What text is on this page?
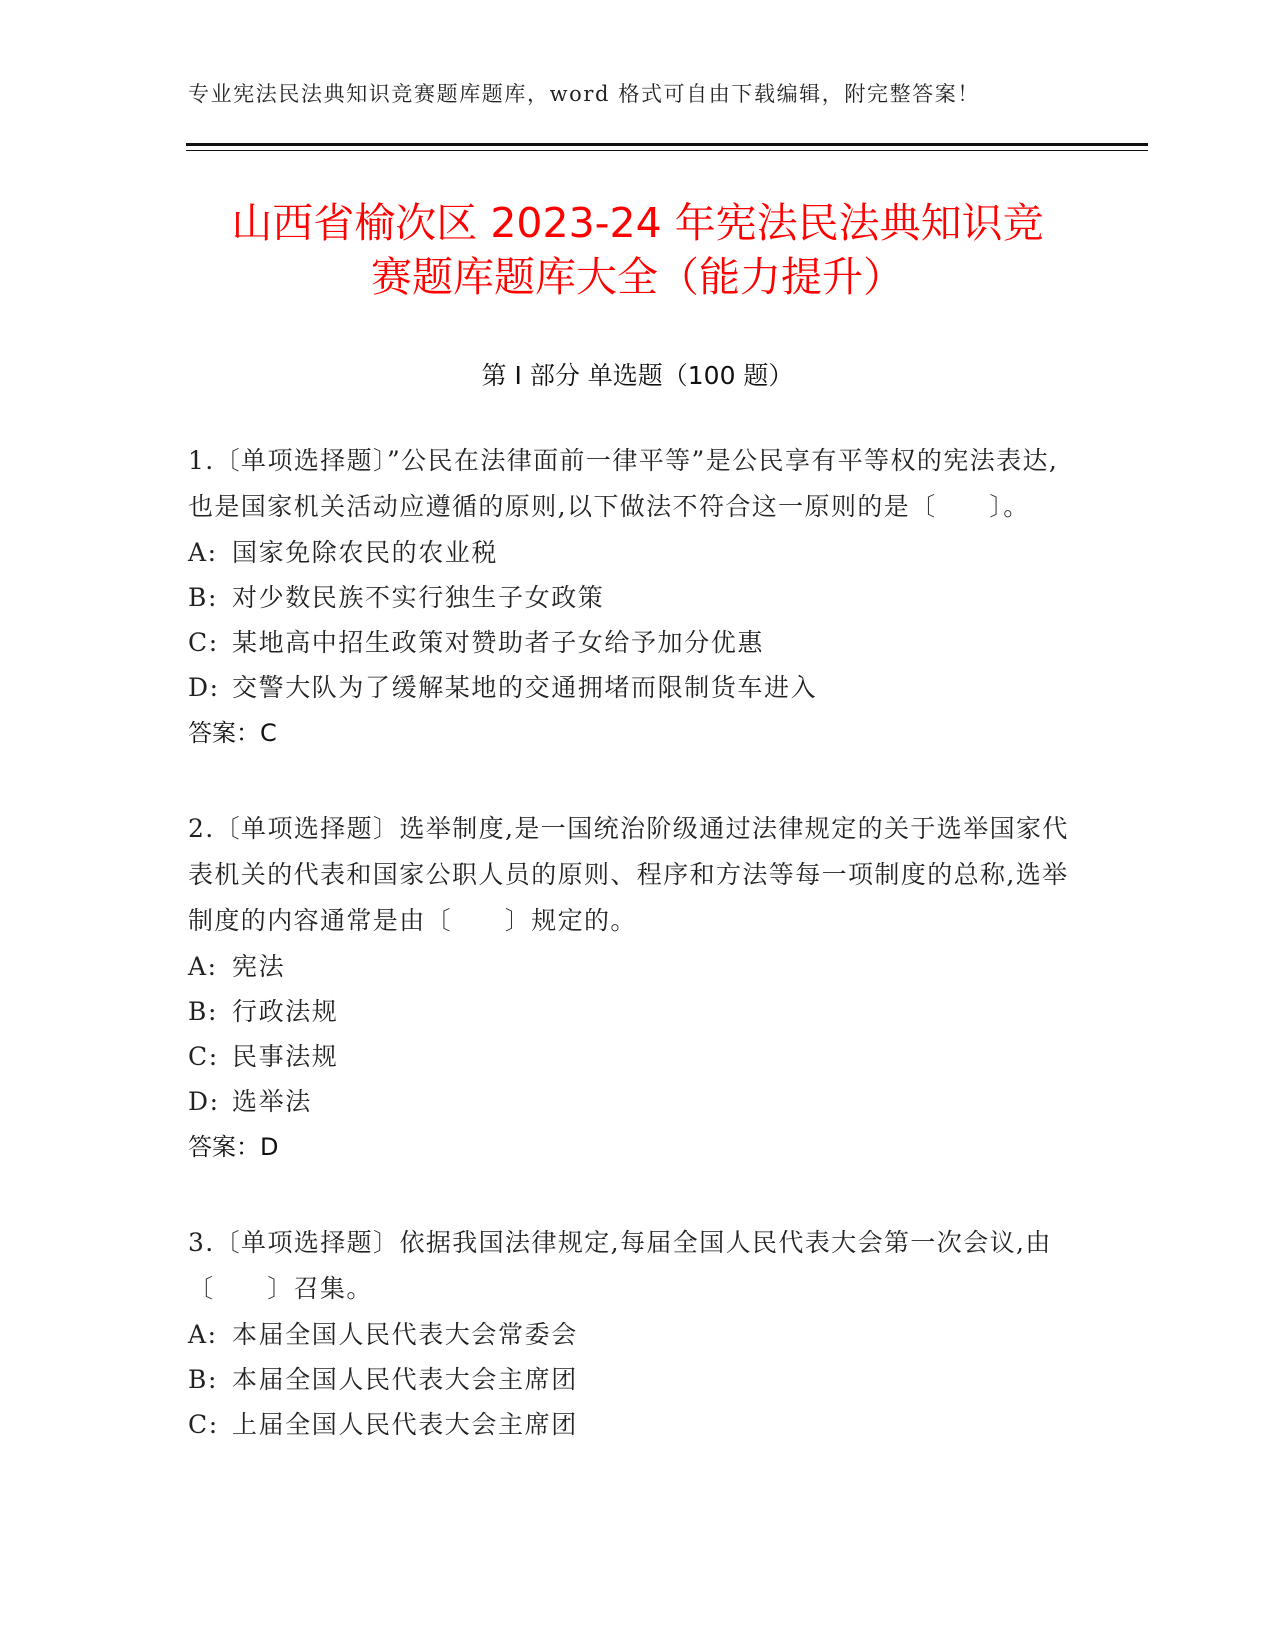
专业宪法民法典知识竞赛题库题库，word 格式可自由下载编辑，附完整答案！
山西省榆次区 2023-24 年宪法民法典知识竞
赛题库题库大全（能力提升）
第 I 部分 单选题（100 题）

1.〔单项选择题〕”公民在法律面前一律平等”是公民享有平等权的宪法表达,也是国家机关活动应遵循的原则,以下做法不符合这一原则的是〔　　〕。

A: 国家免除农民的农业税
B: 对少数民族不实行独生子女政策
C: 某地高中招生政策对赞助者子女给予加分优惠
D: 交警大队为了缓解某地的交通拥堵而限制货车进入
答案：C

2.〔单项选择题〕选举制度,是一国统治阶级通过法律规定的关于选举国家代表机关的代表和国家公职人员的原则、程序和方法等每一项制度的总称,选举制度的内容通常是由〔　　〕规定的。

A: 宪法
B: 行政法规
C: 民事法规
D: 选举法
答案：D

3.〔单项选择题〕依据我国法律规定,每届全国人民代表大会第一次会议,由〔　　〕召集。

A: 本届全国人民代表大会常委会
B: 本届全国人民代表大会主席团
C: 上届全国人民代表大会主席团
